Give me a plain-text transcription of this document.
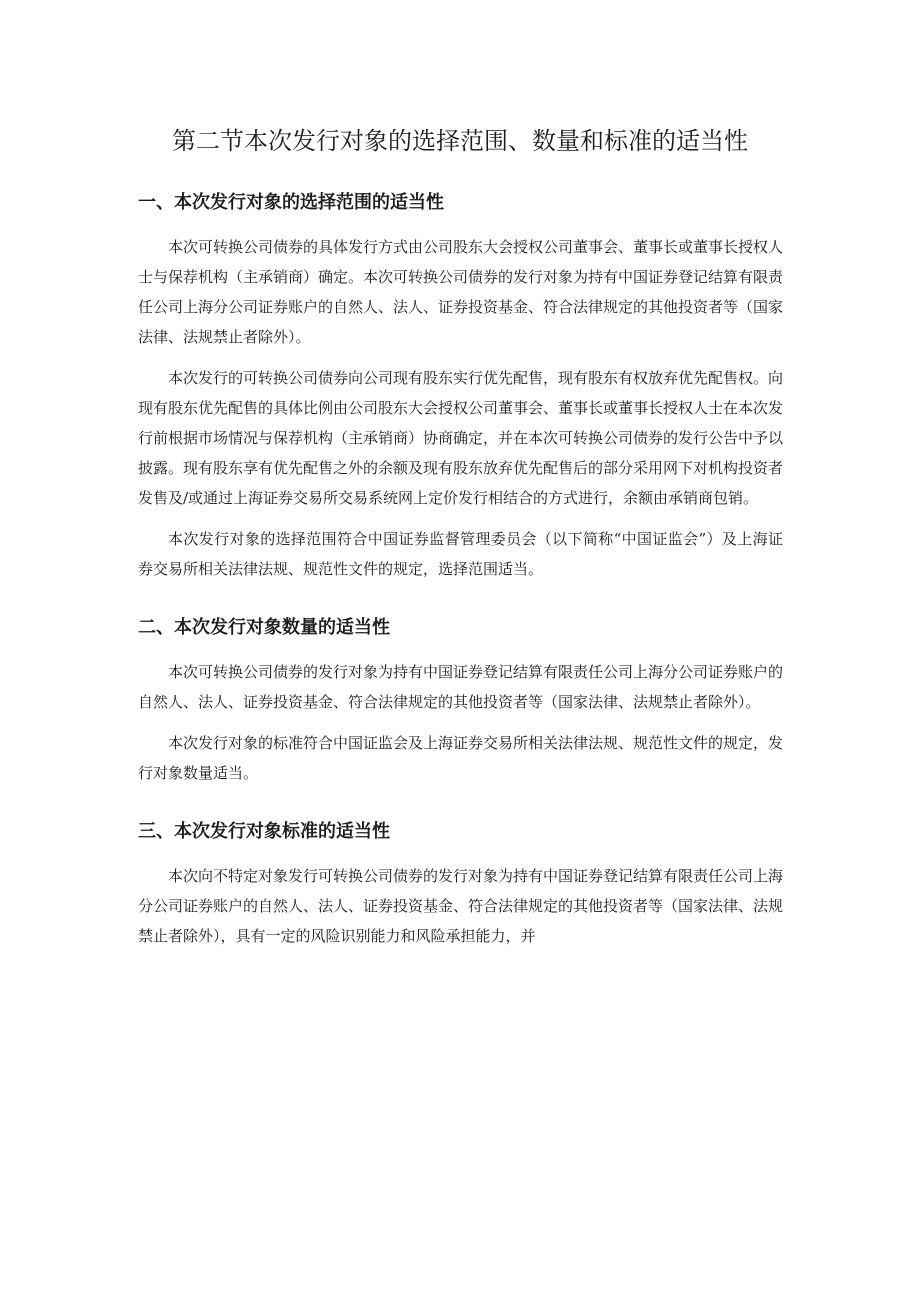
第二节本次发行对象的选择范围、数量和标准的适当性
一、本次发行对象的选择范围的适当性

本次可转换公司债券的具体发行方式由公司股东大会授权公司董事会、董事长或董事长授权人士与保荐机构（主承销商）确定。本次可转换公司债券的发行对象为持有中国证券登记结算有限责任公司上海分公司证券账户的自然人、法人、证券投资基金、符合法律规定的其他投资者等（国家法律、法规禁止者除外）。

本次发行的可转换公司债券向公司现有股东实行优先配售，现有股东有权放弃优先配售权。向现有股东优先配售的具体比例由公司股东大会授权公司董事会、董事长或董事长授权人士在本次发行前根据市场情况与保荐机构（主承销商）协商确定，并在本次可转换公司债券的发行公告中予以披露。现有股东享有优先配售之外的余额及现有股东放弃优先配售后的部分采用网下对机构投资者发售及/或通过上海证券交易所交易系统网上定价发行相结合的方式进行，余额由承销商包销。

本次发行对象的选择范围符合中国证券监督管理委员会（以下简称“中国证监会”）及上海证券交易所相关法律法规、规范性文件的规定，选择范围适当。

二、本次发行对象数量的适当性

本次可转换公司债券的发行对象为持有中国证券登记结算有限责任公司上海分公司证券账户的自然人、法人、证券投资基金、符合法律规定的其他投资者等（国家法律、法规禁止者除外）。

本次发行对象的标准符合中国证监会及上海证券交易所相关法律法规、规范性文件的规定，发行对象数量适当。

三、本次发行对象标准的适当性

本次向不特定对象发行可转换公司债券的发行对象为持有中国证券登记结算有限责任公司上海分公司证券账户的自然人、法人、证券投资基金、符合法律规定的其他投资者等（国家法律、法规禁止者除外），具有一定的风险识别能力和风险承担能力，并
